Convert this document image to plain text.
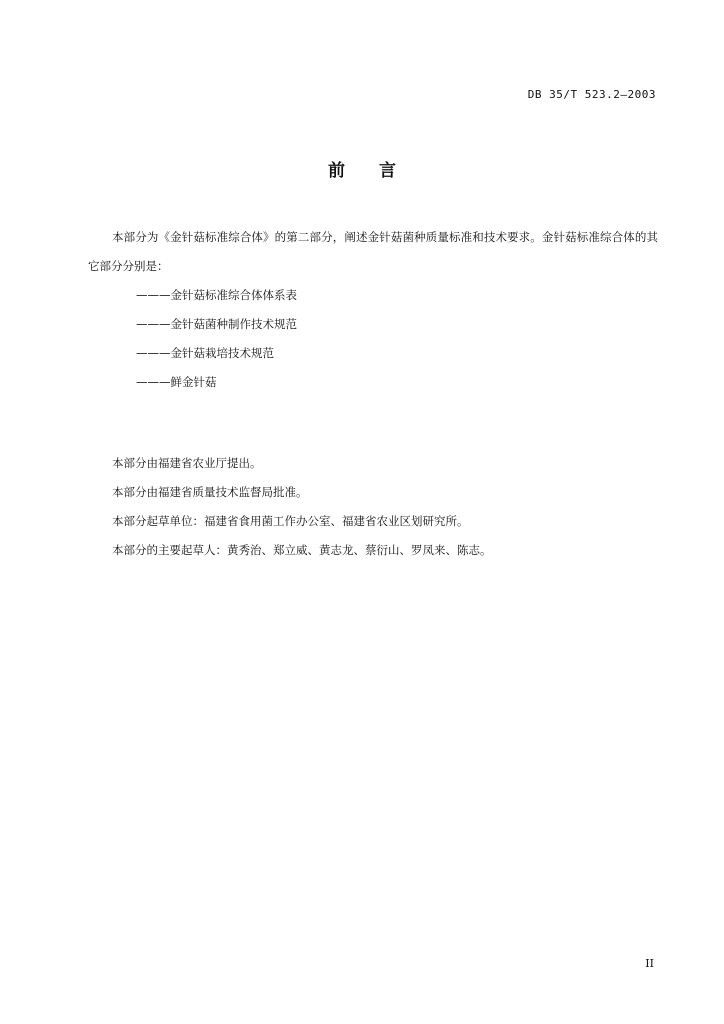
DB 35/T 523.2—2003
前言

本部分为《金针菇标准综合体》的第二部分，阐述金针菇菌种质量标准和技术要求。金针菇标准综合体的其它部分分别是：

———金针菇标准综合体体系表
———金针菇菌种制作技术规范
———金针菇栽培技术规范
———鲜金针菇

本部分由福建省农业厅提出。

本部分由福建省质量技术监督局批准。

本部分起草单位：福建省食用菌工作办公室、福建省农业区划研究所。

本部分的主要起草人：黄秀治、郑立威、黄志龙、蔡衍山、罗凤来、陈志。

II
